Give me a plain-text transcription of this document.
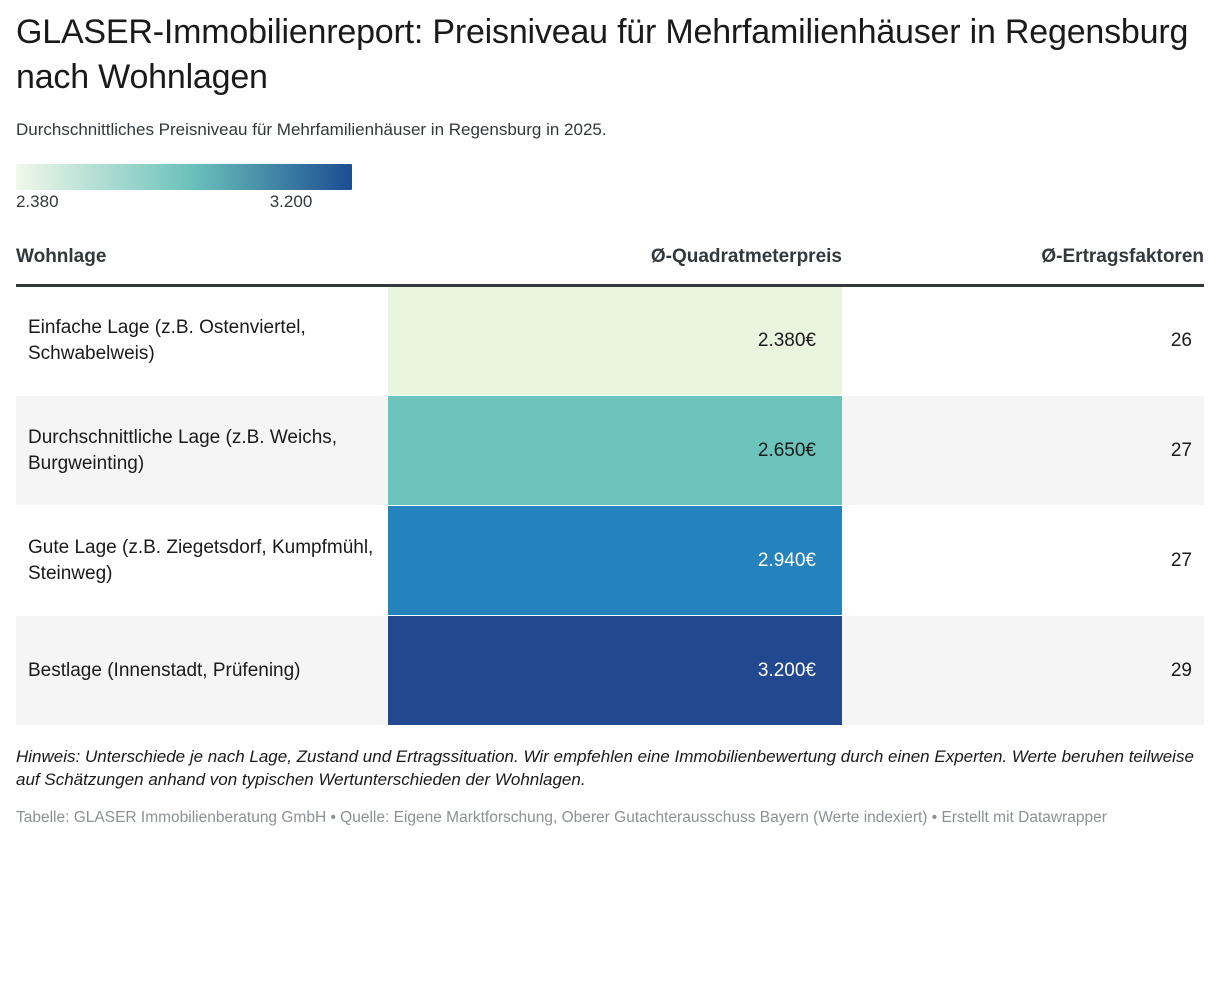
GLASER-Immobilienreport: Preisniveau für Mehrfamilienhäuser in Regensburg nach Wohnlagen

Durchschnittliches Preisniveau für Mehrfamilienhäuser in Regensburg in 2025.

2.380	3.200
Wohnlage	Ø-Quadratmeterpreis	Ø-Ertragsfaktoren
Einfache Lage (z.B. Ostenviertel, Schwabelweis)	2.380€	26
Durchschnittliche Lage (z.B. Weichs, Burgweinting)	2.650€	27
Gute Lage (z.B. Ziegetsdorf, Kumpfmühl, Steinweg)	2.940€	27
Bestlage (Innenstadt, Prüfening)	3.200€	29

Hinweis: Unterschiede je nach Lage, Zustand und Ertragssituation. Wir empfehlen eine Immobilienbewertung durch einen Experten. Werte beruhen teilweise auf Schätzungen anhand von typischen Wertunterschieden der Wohnlagen.

Tabelle: GLASER Immobilienberatung GmbH • Quelle: Eigene Marktforschung, Oberer Gutachterausschuss Bayern (Werte indexiert) • Erstellt mit Datawrapper
